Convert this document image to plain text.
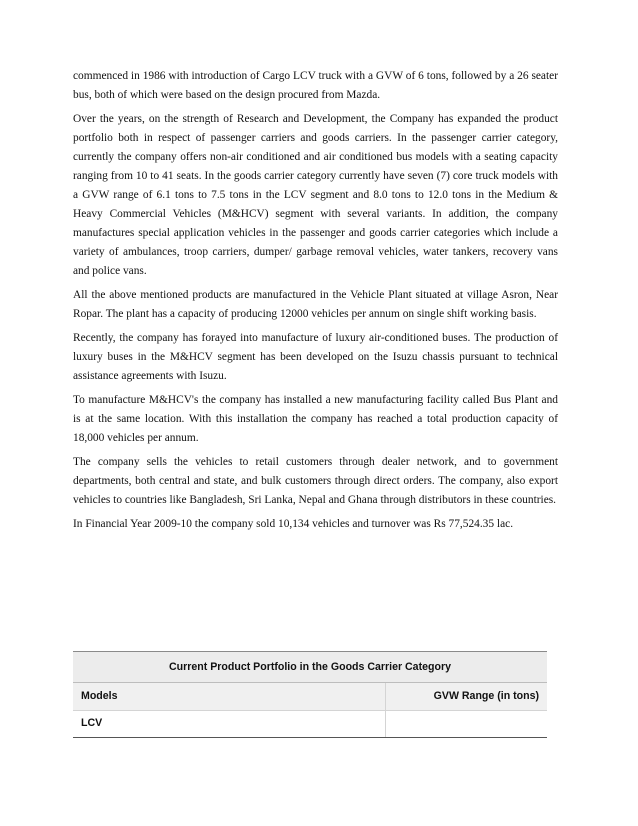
commenced in 1986 with introduction of Cargo LCV truck with a GVW of 6 tons, followed by a 26 seater bus, both of which were based on the design procured from Mazda.

Over the years, on the strength of Research and Development, the Company has expanded the product portfolio both in respect of passenger carriers and goods carriers. In the passenger carrier category, currently the company offers non-air conditioned and air conditioned bus models with a seating capacity ranging from 10 to 41 seats. In the goods carrier category currently have seven (7) core truck models with a GVW range of 6.1 tons to 7.5 tons in the LCV segment and 8.0 tons to 12.0 tons in the Medium & Heavy Commercial Vehicles (M&HCV) segment with several variants. In addition, the company manufactures special application vehicles in the passenger and goods carrier categories which include a variety of ambulances, troop carriers, dumper/ garbage removal vehicles, water tankers, recovery vans and police vans.

All the above mentioned products are manufactured in the Vehicle Plant situated at village Asron, Near Ropar. The plant has a capacity of producing 12000 vehicles per annum on single shift working basis.

Recently, the company has forayed into manufacture of luxury air-conditioned buses. The production of luxury buses in the M&HCV segment has been developed on the Isuzu chassis pursuant to technical assistance agreements with Isuzu.

To manufacture M&HCV's the company has installed a new manufacturing facility called Bus Plant and is at the same location. With this installation the company has reached a total production capacity of 18,000 vehicles per annum.

The company sells the vehicles to retail customers through dealer network, and to government departments, both central and state, and bulk customers through direct orders. The company, also export vehicles to countries like Bangladesh, Sri Lanka, Nepal and Ghana through distributors in these countries.

In Financial Year 2009-10 the company sold 10,134 vehicles and turnover was Rs 77,524.35 lac.

Current Product Portfolio in the Goods Carrier Category
Models	GVW Range (in tons)
LCV
